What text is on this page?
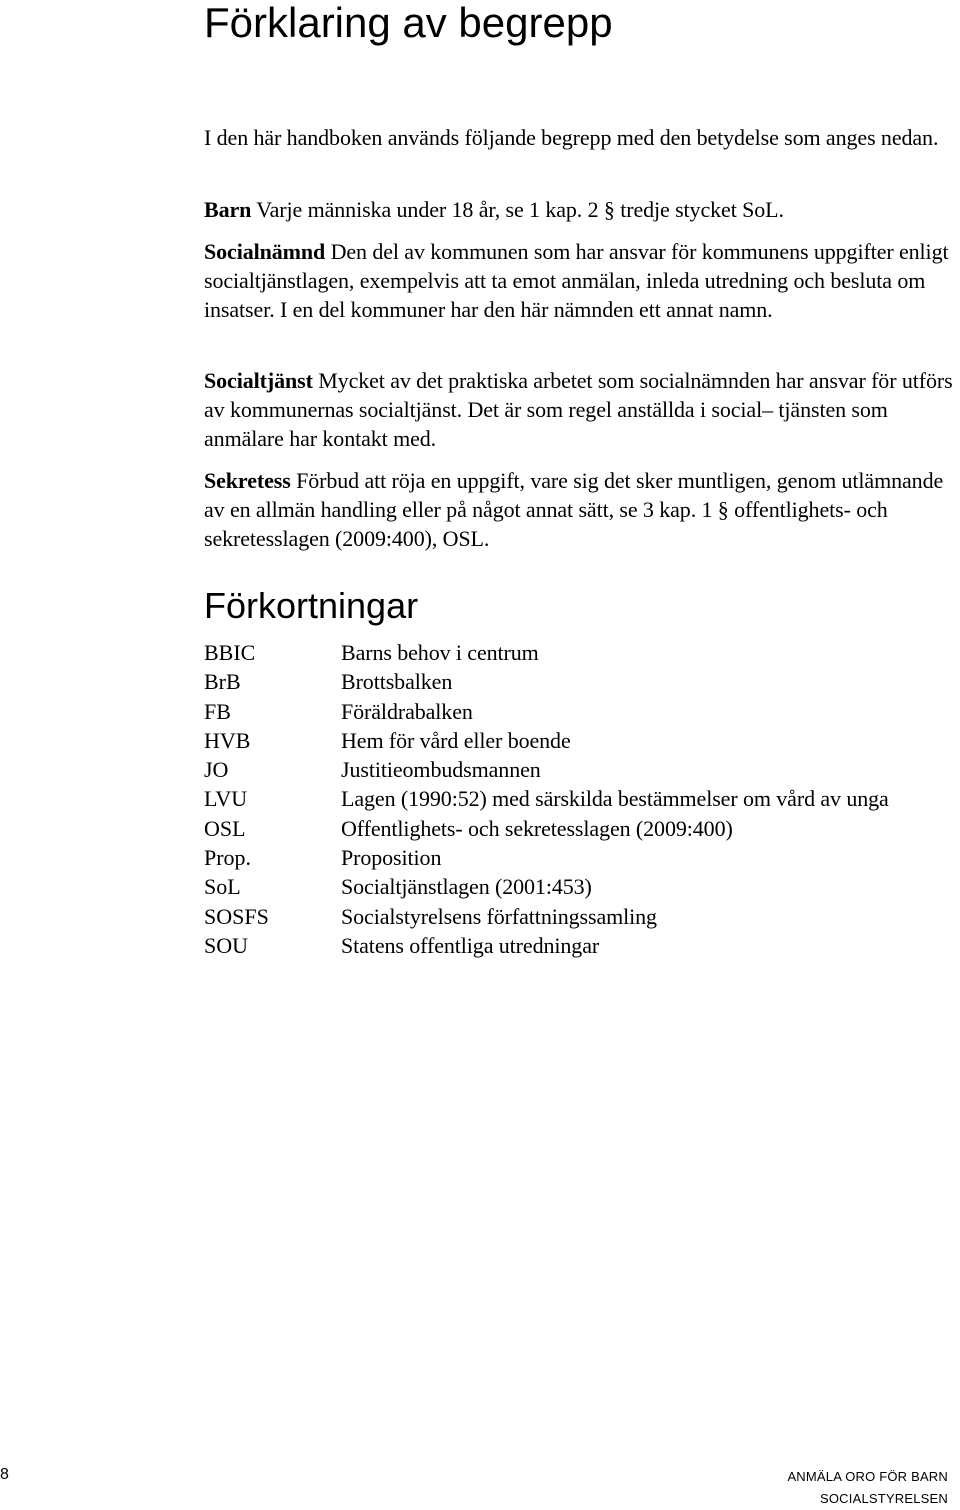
Förklaring av begrepp

I den här handboken används följande begrepp med den betydelse som anges nedan.

Barn Varje människa under 18 år, se 1 kap. 2 § tredje stycket SoL.

Socialnämnd Den del av kommunen som har ansvar för kommunens uppgifter enligt socialtjänstlagen, exempelvis att ta emot anmälan, inleda utredning och besluta om insatser. I en del kommuner har den här nämnden ett annat namn.

Socialtjänst Mycket av det praktiska arbetet som socialnämnden har ansvar för utförs av kommunernas socialtjänst. Det är som regel anställda i social– tjänsten som anmälare har kontakt med.

Sekretess Förbud att röja en uppgift, vare sig det sker muntligen, genom utlämnande av en allmän handling eller på något annat sätt, se 3 kap. 1 § offentlighets- och sekretesslagen (2009:400), OSL.

Förkortningar
BBIC	Barns behov i centrum
BrB	Brottsbalken
FB	Föräldrabalken
HVB	Hem för vård eller boende
JO	Justitieombudsmannen
LVU	Lagen (1990:52) med särskilda bestämmelser om vård av unga
OSL	Offentlighets- och sekretesslagen (2009:400)
Prop.	Proposition
SoL	Socialtjänstlagen (2001:453)
SOSFS	Socialstyrelsens författningssamling
SOU	Statens offentliga utredningar
8	ANMÄLA ORO FÖR BARN
SOCIALSTYRELSEN
